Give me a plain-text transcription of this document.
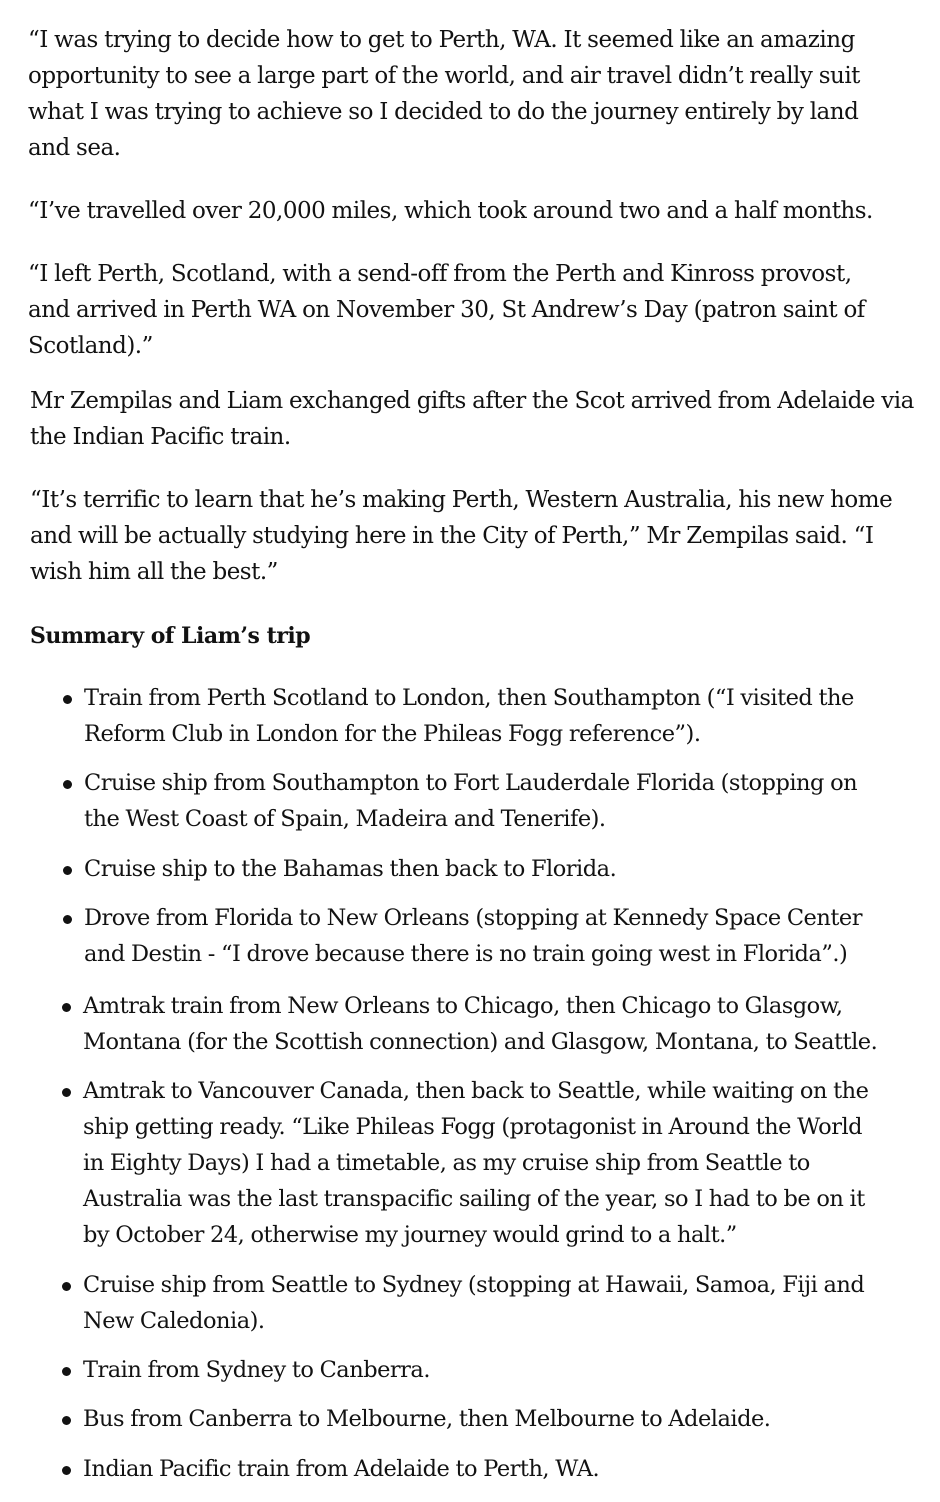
“I was trying to decide how to get to Perth, WA. It seemed like an amazing
opportunity to see a large part of the world, and air travel didn’t really suit
what I was trying to achieve so I decided to do the journey entirely by land
and sea.

“I’ve travelled over 20,000 miles, which took around two and a half months.

“I left Perth, Scotland, with a send-off from the Perth and Kinross provost,
and arrived in Perth WA on November 30, St Andrew’s Day (patron saint of
Scotland).”

Mr Zempilas and Liam exchanged gifts after the Scot arrived from Adelaide via
the Indian Pacific train.

“It’s terrific to learn that he’s making Perth, Western Australia, his new home
and will be actually studying here in the City of Perth,” Mr Zempilas said. “I
wish him all the best.”

Summary of Liam’s trip
Train from Perth Scotland to London, then Southampton (“I visited the
Reform Club in London for the Phileas Fogg reference”).
Cruise ship from Southampton to Fort Lauderdale Florida (stopping on
the West Coast of Spain, Madeira and Tenerife).
Cruise ship to the Bahamas then back to Florida.
Drove from Florida to New Orleans (stopping at Kennedy Space Center
and Destin - “I drove because there is no train going west in Florida”.)
Amtrak train from New Orleans to Chicago, then Chicago to Glasgow,
Montana (for the Scottish connection) and Glasgow, Montana, to Seattle.
Amtrak to Vancouver Canada, then back to Seattle, while waiting on the
ship getting ready. “Like Phileas Fogg (protagonist in Around the World
in Eighty Days) I had a timetable, as my cruise ship from Seattle to
Australia was the last transpacific sailing of the year, so I had to be on it
by October 24, otherwise my journey would grind to a halt.”
Cruise ship from Seattle to Sydney (stopping at Hawaii, Samoa, Fiji and
New Caledonia).
Train from Sydney to Canberra.
Bus from Canberra to Melbourne, then Melbourne to Adelaide.
Indian Pacific train from Adelaide to Perth, WA.
